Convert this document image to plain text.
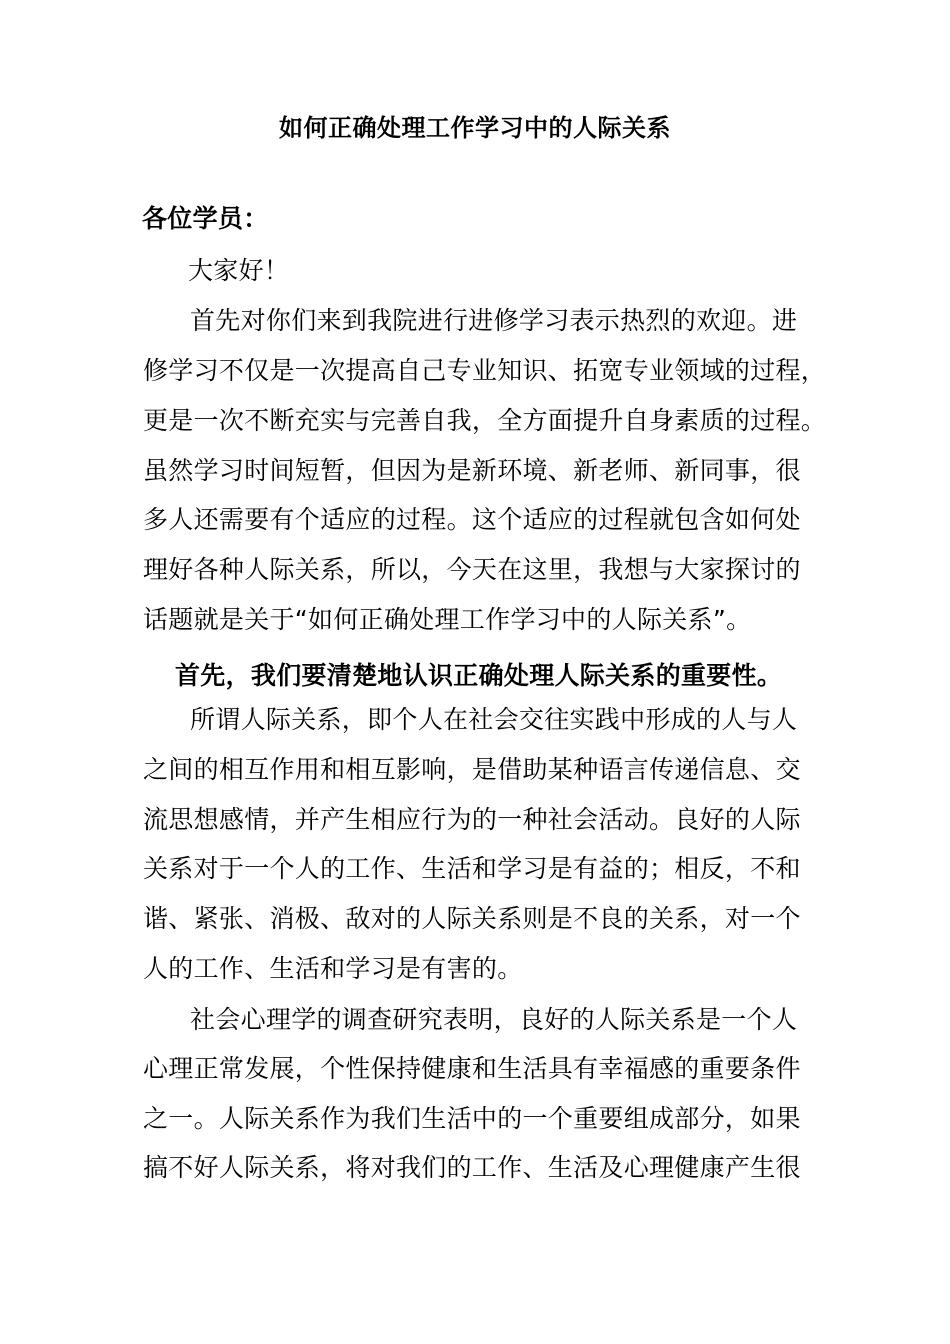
如何正确处理工作学习中的人际关系
各位学员：
大家好！
首先对你们来到我院进行进修学习表示热烈的欢迎。进
修学习不仅是一次提高自己专业知识、拓宽专业领域的过程，
更是一次不断充实与完善自我，全方面提升自身素质的过程。
虽然学习时间短暂，但因为是新环境、新老师、新同事，很
多人还需要有个适应的过程。这个适应的过程就包含如何处
理好各种人际关系，所以，今天在这里，我想与大家探讨的
话题就是关于“如何正确处理工作学习中的人际关系”。
首先，我们要清楚地认识正确处理人际关系的重要性。
所谓人际关系，即个人在社会交往实践中形成的人与人
之间的相互作用和相互影响，是借助某种语言传递信息、交
流思想感情，并产生相应行为的一种社会活动。良好的人际
关系对于一个人的工作、生活和学习是有益的；相反，不和
谐、紧张、消极、敌对的人际关系则是不良的关系，对一个
人的工作、生活和学习是有害的。
社会心理学的调查研究表明，良好的人际关系是一个人
心理正常发展，个性保持健康和生活具有幸福感的重要条件
之一。人际关系作为我们生活中的一个重要组成部分，如果
搞不好人际关系，将对我们的工作、生活及心理健康产生很
